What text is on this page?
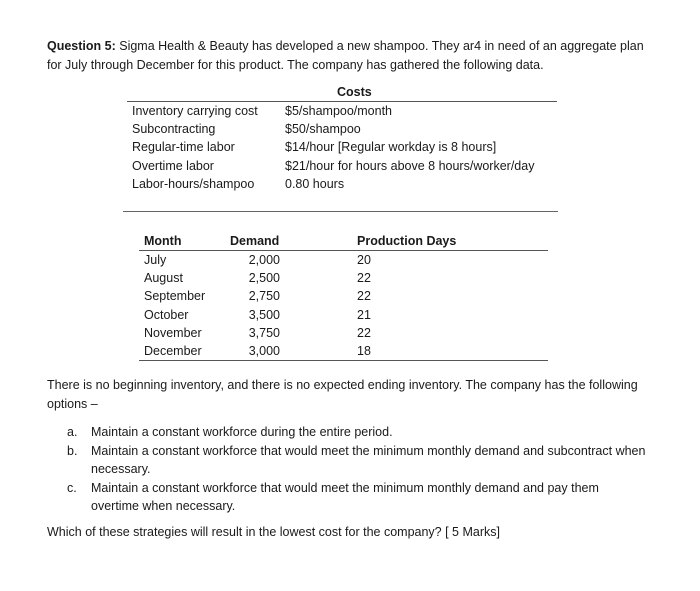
Question 5: Sigma Health & Beauty has developed a new shampoo. They ar4 in need of an aggregate plan for July through December for this product. The company has gathered the following data.

Costs
Inventory carrying cost $5/shampoo/month
Subcontracting	$50/shampoo
Regular-time labor	$14/hour [Regular workday is 8 hours]
Overtime labor	$21/hour for hours above 8 hours/worker/day
Labor-hours/shampoo 0.80 hours
Month	Demand	Production Days
July	2,000	20
August	2,500	22
September	2,750	22
October	3,500	21
November	3,750	22
December	3,000	18

There is no beginning inventory, and there is no expected ending inventory. The company has the following options –

a. Maintain a constant workforce during the entire period.
b. Maintain a constant workforce that would meet the minimum monthly demand and subcontract when necessary.
c. Maintain a constant workforce that would meet the minimum monthly demand and pay them overtime when necessary.

Which of these strategies will result in the lowest cost for the company? [ 5 Marks]
